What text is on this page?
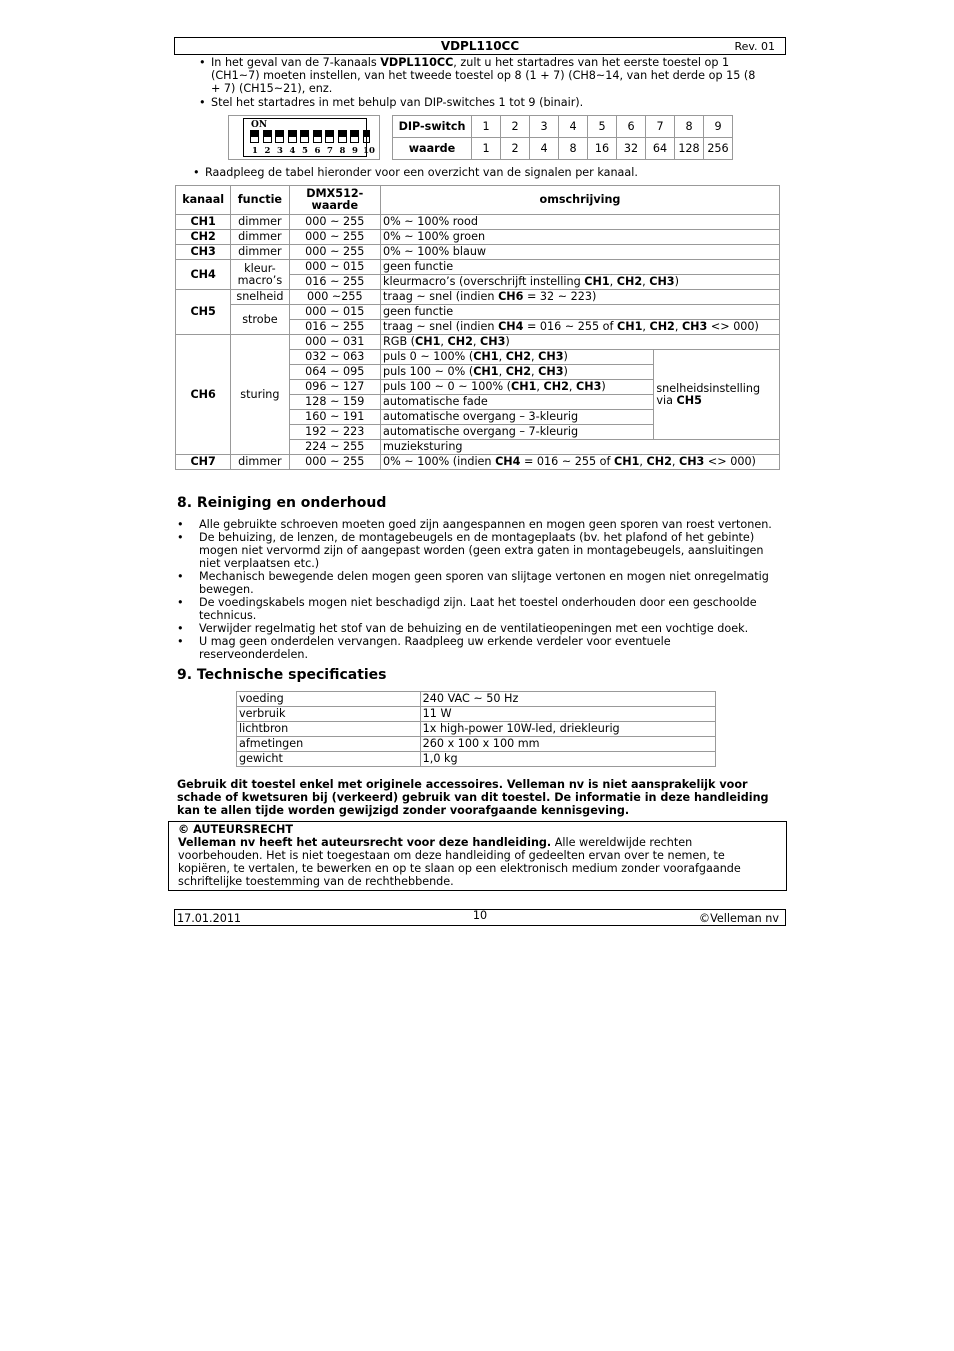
VDPL110CC	Rev. 01
• In het geval van de 7-kanaals VDPL110CC, zult u het startadres van het eerste toestel op 1
(CH1~7) moeten instellen, van het tweede toestel op 8 (1 + 7) (CH8~14, van het derde op 15 (8
+ 7) (CH15~21), enz.
• Stel het startadres in met behulp van DIP-switches 1 tot 9 (binair).
ON
1 2 3 4 5 6 7 8 9 10
DIP-switch	1	2	3	4	5	6	7	8	9
waarde	1	2	4	8	16	32	64	128	256
• Raadpleeg de tabel hieronder voor een overzicht van de signalen per kanaal.
kanaal	functie	DMX512-waarde	omschrijving	
CH1	dimmer	000 ~ 255	0% ~ 100% rood	
CH2	dimmer	000 ~ 255	0% ~ 100% groen	
CH3	dimmer	000 ~ 255	0% ~ 100% blauw	
CH4	kleur-macro’s	000 ~ 015	geen functie	
		016 ~ 255	kleurmacro’s (overschrijft instelling CH1, CH2, CH3)	
CH5	snelheid	000 ~255	traag ~ snel (indien CH6 = 32 ~ 223)	
	strobe	000 ~ 015	geen functie	
		016 ~ 255	traag ~ snel (indien CH4 = 016 ~ 255 of CH1, CH2, CH3 <> 000)	
CH6	sturing	000 ~ 031	RGB (CH1, CH2, CH3)	
		032 ~ 063	puls 0 ~ 100% (CH1, CH2, CH3)	snelheidsinstelling
via CH5

		064 ~ 095	puls 100 ~ 0% (CH1, CH2, CH3)	
		096 ~ 127	puls 100 ~ 0 ~ 100% (CH1, CH2, CH3)	
		128 ~ 159	automatische fade	
		160 ~ 191	automatische overgang – 3-kleurig	
		192 ~ 223	automatische overgang – 7-kleurig	
		224 ~ 255	muzieksturing	
CH7	dimmer	000 ~ 255	0% ~ 100% (indien CH4 = 016 ~ 255 of CH1, CH2, CH3 <> 000)	
8. Reiniging en onderhoud
• Alle gebruikte schroeven moeten goed zijn aangespannen en mogen geen sporen van roest vertonen.
• De behuizing, de lenzen, de montagebeugels en de montageplaats (bv. het plafond of het gebinte)
mogen niet vervormd zijn of aangepast worden (geen extra gaten in montagebeugels, aansluitingen
niet verplaatsen etc.)
• Mechanisch bewegende delen mogen geen sporen van slijtage vertonen en mogen niet onregelmatig
bewegen.
• De voedingskabels mogen niet beschadigd zijn. Laat het toestel onderhouden door een geschoolde
technicus.
• Verwijder regelmatig het stof van de behuizing en de ventilatieopeningen met een vochtige doek.
• U mag geen onderdelen vervangen. Raadpleeg uw erkende verdeler voor eventuele
reserveonderdelen.
9. Technische specificaties
voeding	240 VAC ~ 50 Hz
verbruik	11 W
lichtbron	1x high-power 10W-led, driekleurig
afmetingen	260 x 100 x 100 mm
gewicht	1,0 kg
Gebruik dit toestel enkel met originele accessoires. Velleman nv is niet aansprakelijk voor
schade of kwetsuren bij (verkeerd) gebruik van dit toestel. De informatie in deze handleiding
kan te allen tijde worden gewijzigd zonder voorafgaande kennisgeving.
© AUTEURSRECHT
Velleman nv heeft het auteursrecht voor deze handleiding. Alle wereldwijde rechten
voorbehouden. Het is niet toegestaan om deze handleiding of gedeelten ervan over te nemen, te
kopiëren, te vertalen, te bewerken en op te slaan op een elektronisch medium zonder voorafgaande
schriftelijke toestemming van de rechthebbende.
17.01.2011	10	©Velleman nv
